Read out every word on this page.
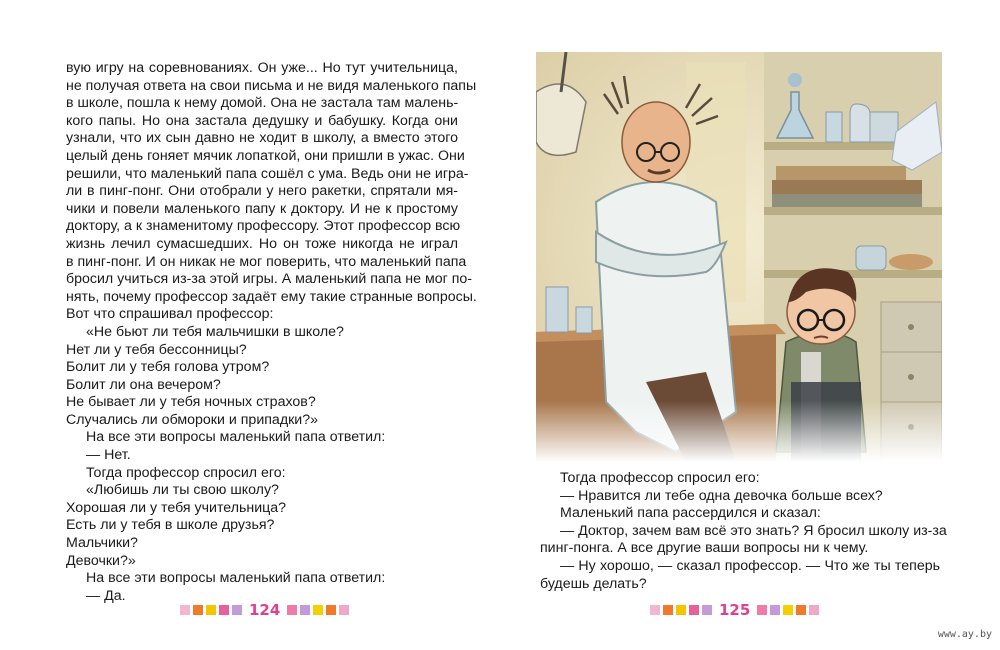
вую игру на соревнованиях. Он уже... Но тут учительница,
не получая ответа на свои письма и не видя маленького папы
в школе, пошла к нему домой. Она не застала там малень-
кого папы. Но она застала дедушку и бабушку. Когда они
узнали, что их сын давно не ходит в школу, а вместо этого
целый день гоняет мячик лопаткой, они пришли в ужас. Они
решили, что маленький папа сошёл с ума. Ведь они не игра-
ли в пинг-понг. Они отобрали у него ракетки, спрятали мя-
чики и повели маленького папу к доктору. И не к простому
доктору, а к знаменитому профессору. Этот профессор всю
жизнь лечил сумасшедших. Но он тоже никогда не играл
в пинг-понг. И он никак не мог поверить, что маленький папа
бросил учиться из-за этой игры. А маленький папа не мог по-
нять, почему профессор задаёт ему такие странные вопросы.
Вот что спрашивал профессор:
«Не бьют ли тебя мальчишки в школе?
Нет ли у тебя бессонницы?
Болит ли у тебя голова утром?
Болит ли она вечером?
Не бывает ли у тебя ночных страхов?
Случались ли обмороки и припадки?»
На все эти вопросы маленький папа ответил:
— Нет.
Тогда профессор спросил его:
«Любишь ли ты свою школу?
Хорошая ли у тебя учительница?
Есть ли у тебя в школе друзья?
Мальчики?
Девочки?»
На все эти вопросы маленький папа ответил:
— Да.
124
Тогда профессор спросил его:
— Нравится ли тебе одна девочка больше всех?
Маленький папа рассердился и сказал:
— Доктор, зачем вам всё это знать? Я бросил школу из-за
пинг-понга. А все другие ваши вопросы ни к чему.
— Ну хорошо, — сказал профессор. — Что же ты теперь
будешь делать?
125
www.ay.by
